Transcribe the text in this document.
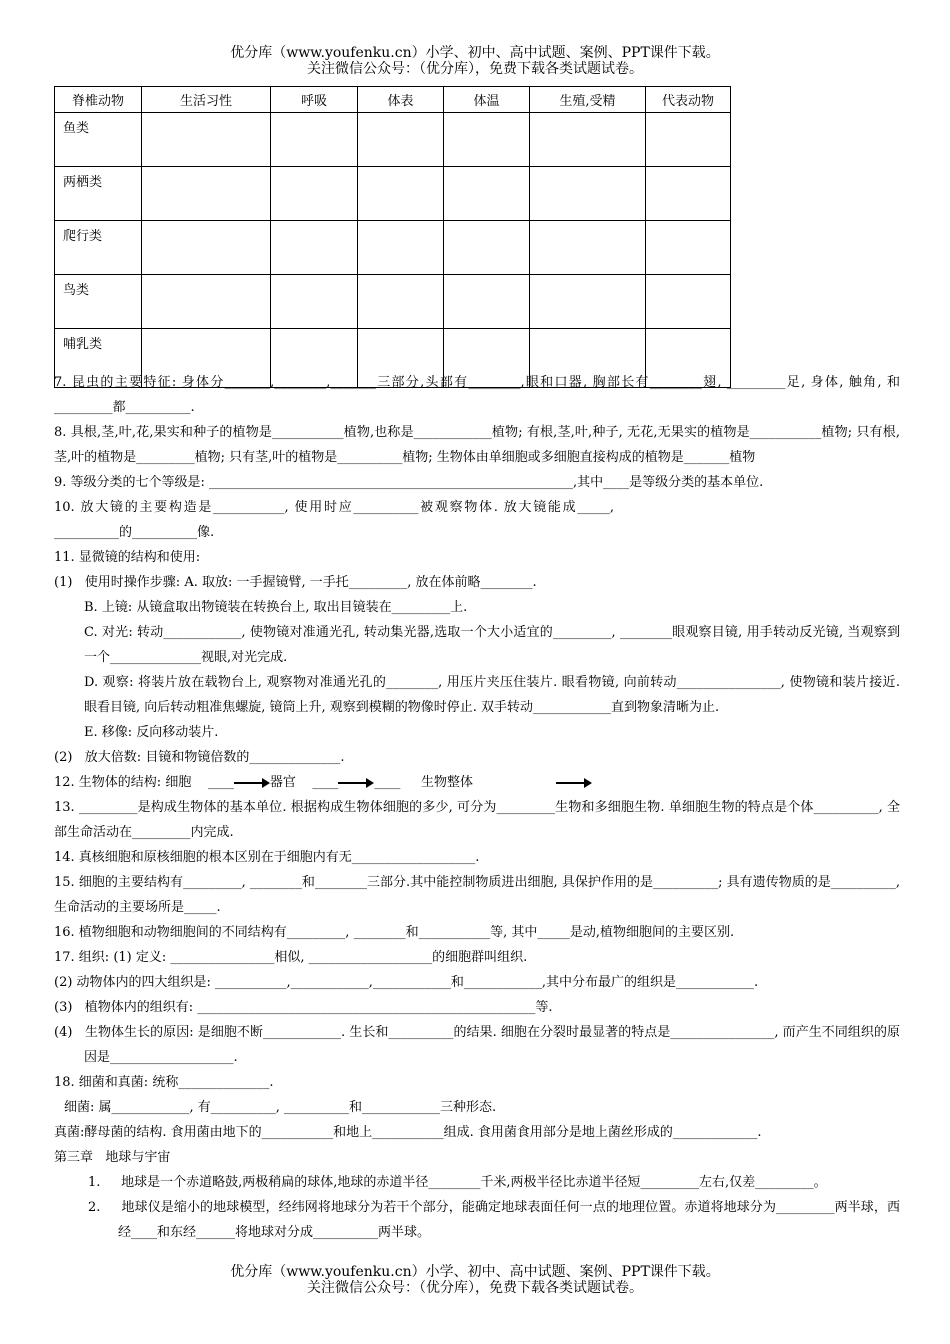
优分库（www.youfenku.cn）小学、初中、高中试题、案例、PPT课件下载。
关注微信公众号：（优分库），免费下载各类试题试卷。
脊椎动物	生活习性	呼吸	体表	体温	生殖,受精	代表动物
鱼类						
两栖类						
爬行类						
鸟类						
哺乳类						

7. 昆虫的主要特征: 身体分_______,________,_______三部分,头部有________,眼和口器, 胸部长有________翅, _________足, 身体, 触角, 和_________都__________.

8. 具根,茎,叶,花,果实和种子的植物是___________植物,也称是____________植物; 有根,茎,叶,种子, 无花,无果实的植物是___________植物; 只有根,茎,叶的植物是_________植物; 只有茎,叶的植物是__________植物; 生物体由单细胞或多细胞直接构成的植物是_______植物

9. 等级分类的七个等级是: ________________________________________________________,其中____是等级分类的基本单位.

10. 放大镜的主要构造是___________, 使用时应__________被观察物体. 放大镜能成_____, __________的__________像.

11. 显微镜的结构和使用:

(1)   使用时操作步骤: A. 取放: 一手握镜臂, 一手托_________, 放在体前略________.

B. 上镜: 从镜盒取出物镜装在转换台上, 取出目镜装在_________上.

C. 对光: 转动____________, 使物镜对准通光孔, 转动集光器,选取一个大小适宜的_________, ________眼观察目镜, 用手转动反光镜, 当观察到一个______________视眼,对光完成.

D. 观察: 将装片放在载物台上, 观察物对准通光孔的________, 用压片夹压住装片. 眼看物镜, 向前转动________________, 使物镜和装片接近. 眼看目镜, 向后转动粗准焦螺旋, 镜筒上升, 观察到模糊的物像时停止. 双手转动____________直到物象清晰为止.

E. 移像: 反向移动装片.

(2)   放大倍数: 目镜和物镜倍数的______________.

12. 生物体的结构: 细胞    ____	器官    ____	____     生物整体

13. _________是构成生物体的基本单位. 根据构成生物体细胞的多少, 可分为_________生物和多细胞生物. 单细胞生物的特点是个体__________, 全部生命活动在_________内完成.

14. 真核细胞和原核细胞的根本区别在于细胞内有无___________________.

15. 细胞的主要结构有_________, ________和________三部分.其中能控制物质进出细胞, 具保护作用的是__________; 具有遗传物质的是__________, 生命活动的主要场所是_____.

16. 植物细胞和动物细胞间的不同结构有_________, ________和___________等, 其中_____是动,植物细胞间的主要区别.

17. 组织: (1) 定义: ________________相似, ___________________的细胞群叫组织.

(2) 动物体内的四大组织是: ___________,____________,____________和____________,其中分布最广的组织是____________.

(3)   植物体内的组织有: ____________________________________________________等.

(4)   生物体生长的原因: 是细胞不断____________. 生长和__________的结果. 细胞在分裂时最显著的特点是________________, 而产生不同组织的原因是___________________.

18. 细菌和真菌: 统称______________.

细菌: 属____________, 有__________, __________和____________三种形态.

真菌:酵母菌的结构. 食用菌由地下的___________和地上___________组成. 食用菌食用部分是地上菌丝形成的_____________.

第三章   地球与宇宙

1.     地球是一个赤道略鼓,两极稍扁的球体,地球的赤道半径________千米,两极半径比赤道半径短_________左右,仅差_________。

2.     地球仪是缩小的地球模型，经纬网将地球分为若干个部分，能确定地球表面任何一点的地理位置。赤道将地球分为_________两半球，西经____和东经______将地球对分成__________两半球。

优分库（www.youfenku.cn）小学、初中、高中试题、案例、PPT课件下载。
关注微信公众号：（优分库），免费下载各类试题试卷。
